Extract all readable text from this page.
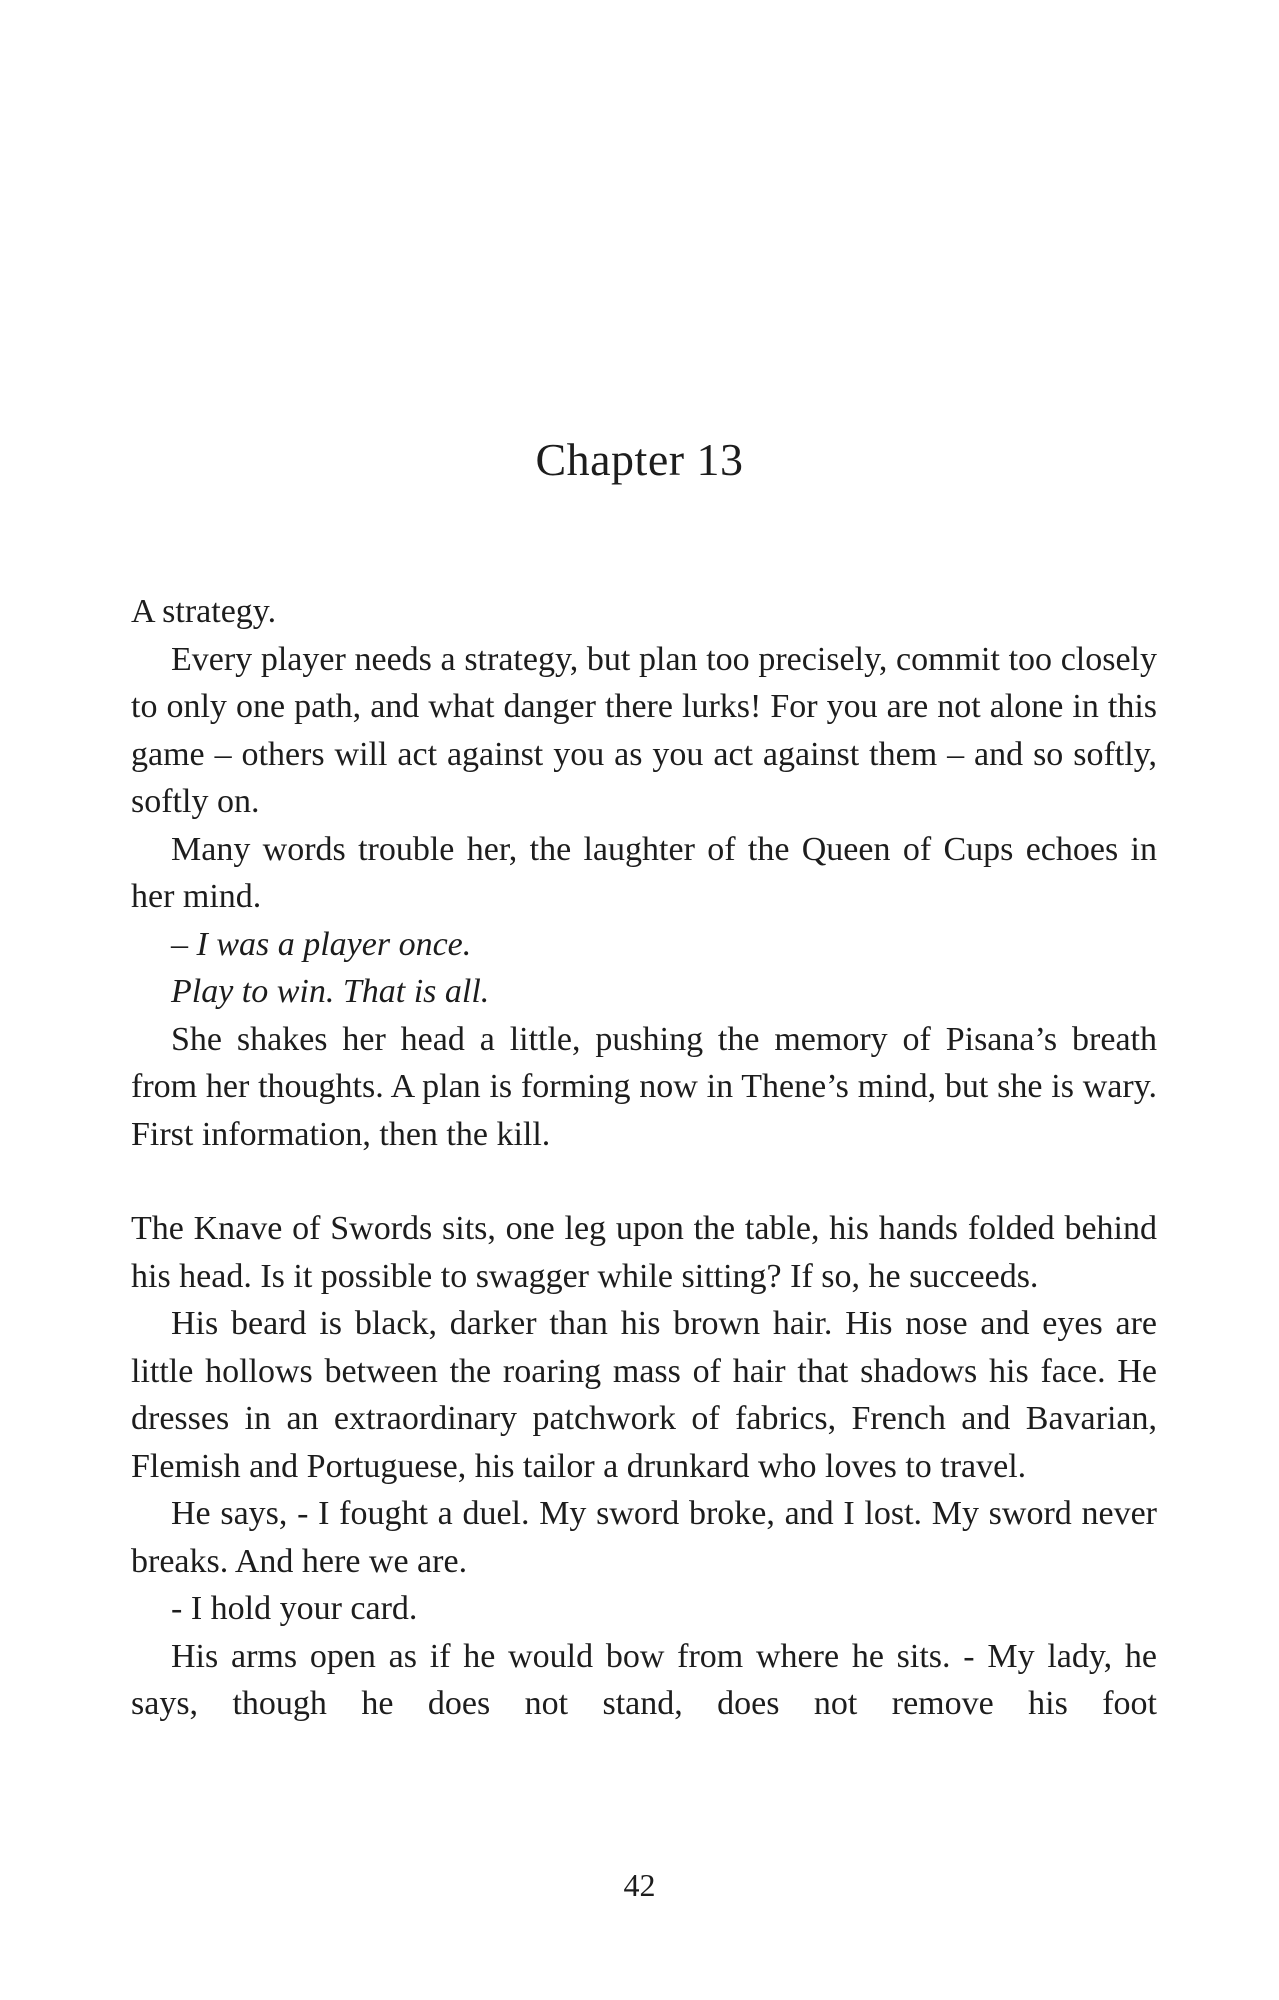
Chapter 13

A strategy.

Every player needs a strategy, but plan too precisely, commit too closely to only one path, and what danger there lurks! For you are not alone in this game – others will act against you as you act against them – and so softly, softly on.

Many words trouble her, the laughter of the Queen of Cups echoes in her mind.

– I was a player once.

Play to win. That is all.

She shakes her head a little, pushing the memory of Pisana’s breath from her thoughts. A plan is forming now in Thene’s mind, but she is wary. First information, then the kill.

The Knave of Swords sits, one leg upon the table, his hands folded behind his head. Is it possible to swagger while sitting? If so, he succeeds.

His beard is black, darker than his brown hair. His nose and eyes are little hollows between the roaring mass of hair that shadows his face. He dresses in an extraordinary patchwork of fabrics, French and Bavarian, Flemish and Portuguese, his tailor a drunkard who loves to travel.

He says, - I fought a duel. My sword broke, and I lost. My sword never breaks. And here we are.

- I hold your card.

His arms open as if he would bow from where he sits. - My lady, he says, though he does not stand, does not remove his foot

42
